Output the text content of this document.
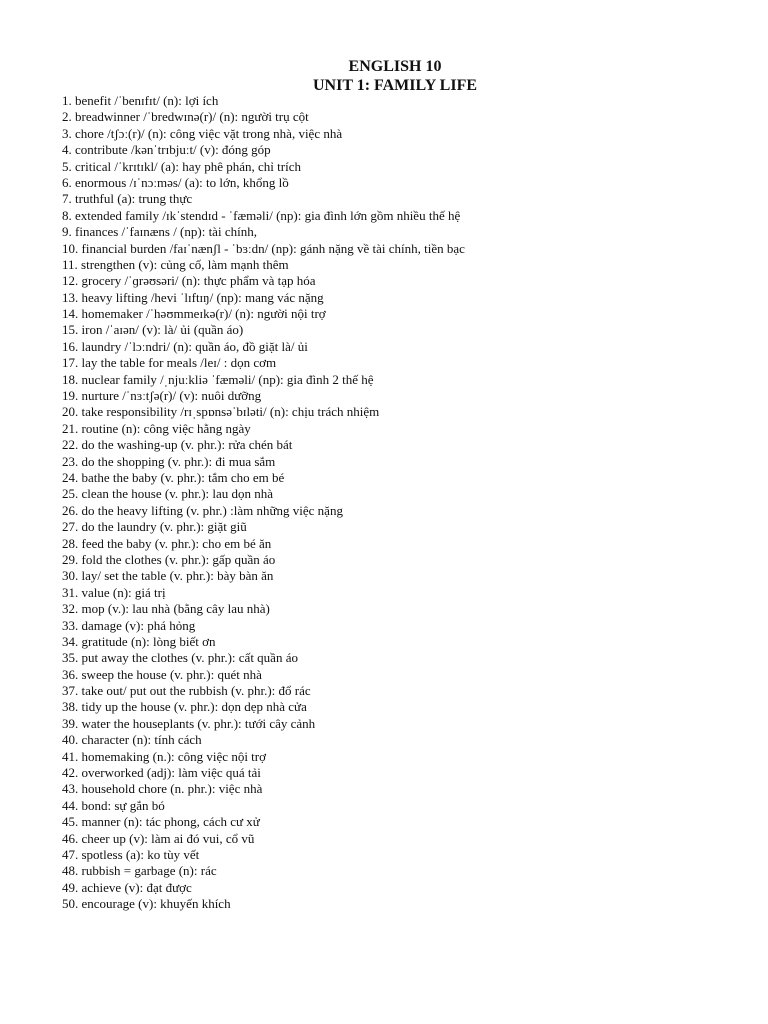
ENGLISH 10
UNIT 1: FAMILY LIFE
1. benefit /ˈbenɪfɪt/ (n): lợi ích
2. breadwinner /ˈbredwɪnə(r)/ (n): người trụ cột
3. chore /tʃɔː(r)/ (n): công việc vặt trong nhà, việc nhà
4. contribute /kənˈtrɪbjuːt/ (v): đóng góp
5. critical /ˈkrɪtɪkl/ (a): hay phê phán, chỉ trích
6. enormous /ɪˈnɔːməs/ (a): to lớn, khổng lồ
7. truthful (a): trung thực
8. extended family /ɪkˈstendɪd - ˈfæməli/ (np): gia đình lớn gồm nhiều thế hệ
9. finances /ˈfaɪnæns / (np): tài chính,
10. financial burden /faɪˈnænʃl - ˈbɜːdn/ (np): gánh nặng về tài chính, tiền bạc
11. strengthen (v): củng cố, làm mạnh thêm
12. grocery /ˈɡrəʊsəri/ (n): thực phẩm và tạp hóa
13. heavy lifting /hevi ˈlɪftɪŋ/ (np): mang vác nặng
14. homemaker /ˈhəʊmmeɪkə(r)/ (n): người nội trợ
15. iron /ˈaɪən/ (v): là/ ủi (quần áo)
16. laundry /ˈlɔːndri/ (n): quần áo, đồ giặt là/ ủi
17. lay the table for meals /leɪ/ : dọn cơm
18. nuclear family /ˌnjuːkliə ˈfæməli/ (np): gia đình 2 thế hệ
19. nurture /ˈnɜːtʃə(r)/ (v): nuôi dưỡng
20. take responsibility /rɪˌspɒnsəˈbɪləti/ (n): chịu trách nhiệm
21. routine (n): công việc hằng ngày
22. do the washing-up (v. phr.): rửa chén bát
23. do the shopping (v. phr.): đi mua sắm
24. bathe the baby (v. phr.): tắm cho em bé
25. clean the house (v. phr.): lau dọn nhà
26. do the heavy lifting (v. phr.) :làm những việc nặng
27. do the laundry (v. phr.): giặt giũ
28. feed the baby (v. phr.): cho em bé ăn
29. fold the clothes (v. phr.): gấp quần áo
30. lay/ set the table (v. phr.): bày bàn ăn
31. value (n): giá trị
32. mop (v.): lau nhà (bằng cây lau nhà)
33. damage (v): phá hỏng
34. gratitude (n): lòng biết ơn
35. put away the clothes (v. phr.): cất quần áo
36. sweep the house (v. phr.): quét nhà
37. take out/ put out the rubbish (v. phr.): đổ rác
38. tidy up the house (v. phr.): dọn dẹp nhà cửa
39. water the houseplants (v. phr.): tưới cây cảnh
40. character (n): tính cách
41. homemaking (n.): công việc nội trợ
42. overworked (adj): làm việc quá tải
43. household chore (n. phr.): việc nhà
44. bond: sự gắn bó
45. manner (n): tác phong, cách cư xử
46. cheer up (v): làm ai đó vui, cổ vũ
47. spotless (a): ko tùy vết
48. rubbish = garbage (n): rác
49. achieve (v): đạt được
50. encourage (v): khuyến khích
